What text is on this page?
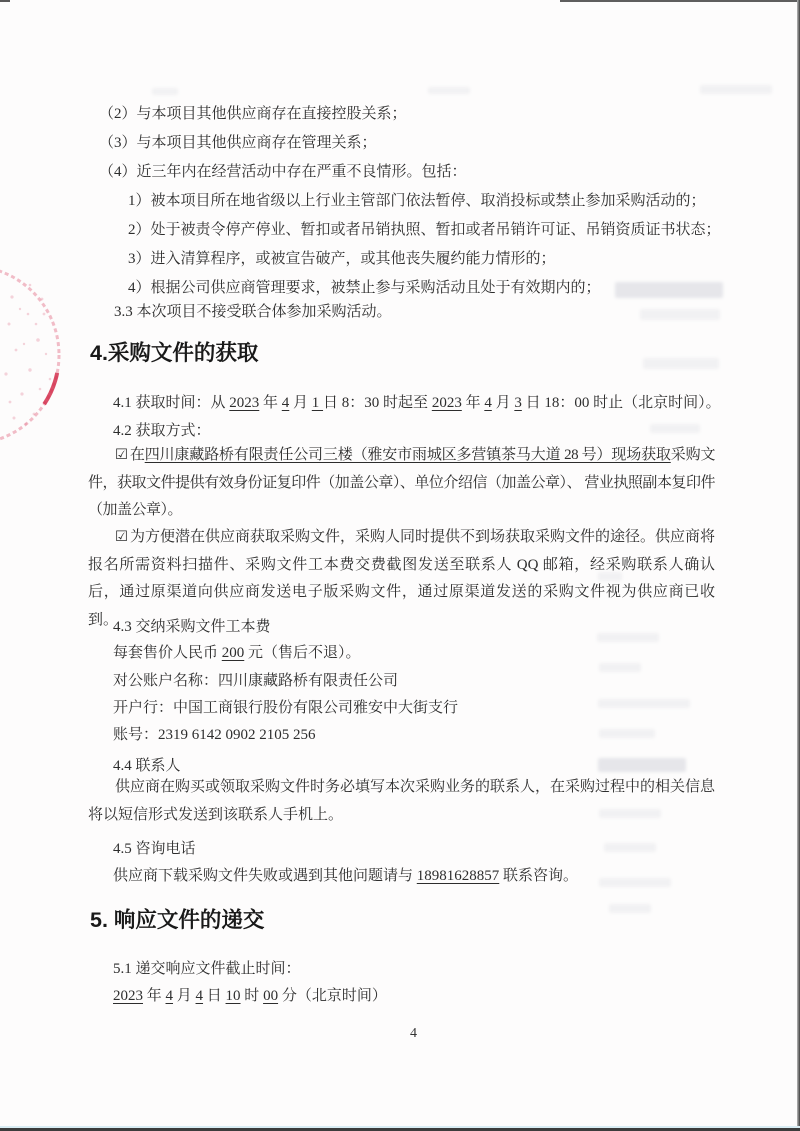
（2）与本项目其他供应商存在直接控股关系；
（3）与本项目其他供应商存在管理关系；
（4）近三年内在经营活动中存在严重不良情形。包括：
1）被本项目所在地省级以上行业主管部门依法暂停、取消投标或禁止参加采购活动的；
2）处于被责令停产停业、暂扣或者吊销执照、暂扣或者吊销许可证、吊销资质证书状态；
3）进入清算程序，或被宣告破产，或其他丧失履约能力情形的；
4）根据公司供应商管理要求，被禁止参与采购活动且处于有效期内的；
3.3 本次项目不接受联合体参加采购活动。
4.采购文件的获取
4.1 获取时间：从 2023 年 4 月 1 日 8：30 时起至 2023 年 4 月 3 日 18：00 时止（北京时间）。
4.2 获取方式：

☑ 在四川康藏路桥有限责任公司三楼（雅安市雨城区多营镇茶马大道 28 号）现场获取采购文件，获取文件提供有效身份证复印件（加盖公章）、单位介绍信（加盖公章）、 营业执照副本复印件（加盖公章）。

☑ 为方便潜在供应商获取采购文件，采购人同时提供不到场获取采购文件的途径。供应商将报名所需资料扫描件、采购文件工本费交费截图发送至联系人 QQ 邮箱，经采购联系人确认后，通过原渠道向供应商发送电子版采购文件，通过原渠道发送的采购文件视为供应商已收到。

4.3 交纳采购文件工本费
每套售价人民币 200 元（售后不退）。
对公账户名称：四川康藏路桥有限责任公司
开户行：中国工商银行股份有限公司雅安中大街支行
账号：2319 6142 0902 2105 256
4.4 联系人

供应商在购买或领取采购文件时务必填写本次采购业务的联系人，在采购过程中的相关信息将以短信形式发送到该联系人手机上。

4.5 咨询电话
供应商下载采购文件失败或遇到其他问题请与 18981628857 联系咨询。
5. 响应文件的递交
5.1 递交响应文件截止时间：
2023 年 4 月 4 日 10 时 00 分（北京时间）
4
